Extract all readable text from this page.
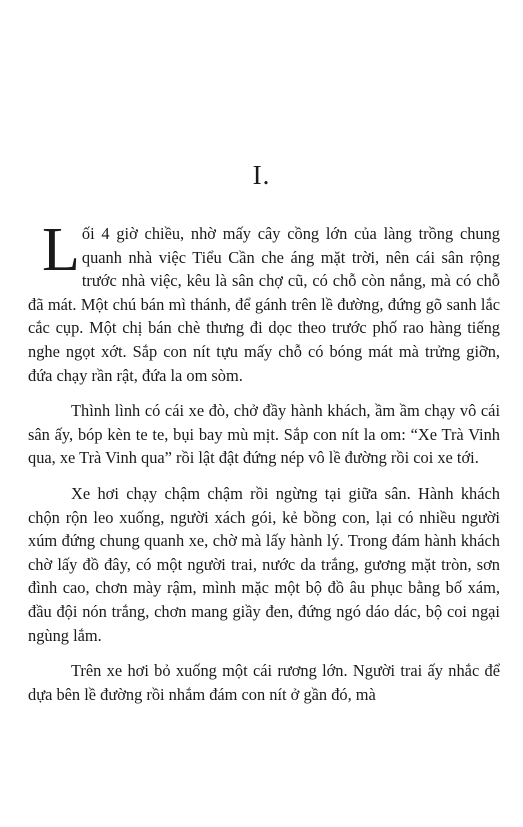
I.

Lối 4 giờ chiều, nhờ mấy cây cồng lớn của làng trồng chung quanh nhà việc Tiểu Cần che áng mặt trời, nên cái sân rộng trước nhà việc, kêu là sân chợ cũ, có chỗ còn nắng, mà có chỗ đã mát. Một chú bán mì thánh, để gánh trên lề đường, đứng gõ sanh lắc cắc cụp. Một chị bán chè thưng đi dọc theo trước phố rao hàng tiếng nghe ngọt xớt. Sắp con nít tựu mấy chỗ có bóng mát mà trửng giỡn, đứa chạy rần rật, đứa la om sòm.

Thình lình có cái xe đò, chở đầy hành khách, ầm ầm chạy vô cái sân ấy, bóp kèn te te, bụi bay mù mịt. Sắp con nít la om: “Xe Trà Vinh qua, xe Trà Vinh qua” rồi lật đật đứng nép vô lề đường rồi coi xe tới.

Xe hơi chạy chậm chậm rồi ngừng tại giữa sân. Hành khách chộn rộn leo xuống, người xách gói, kẻ bồng con, lại có nhiều người xúm đứng chung quanh xe, chờ mà lấy hành lý. Trong đám hành khách chờ lấy đồ đây, có một người trai, nước da trắng, gương mặt tròn, sơn đình cao, chơn mày rậm, mình mặc một bộ đồ âu phục bằng bố xám, đầu đội nón trắng, chơn mang giầy đen, đứng ngó dáo dác, bộ coi ngại ngùng lắm.

Trên xe hơi bỏ xuống một cái rương lớn. Người trai ấy nhắc để dựa bên lề đường rồi nhắm đám con nít ở gần đó, mà
